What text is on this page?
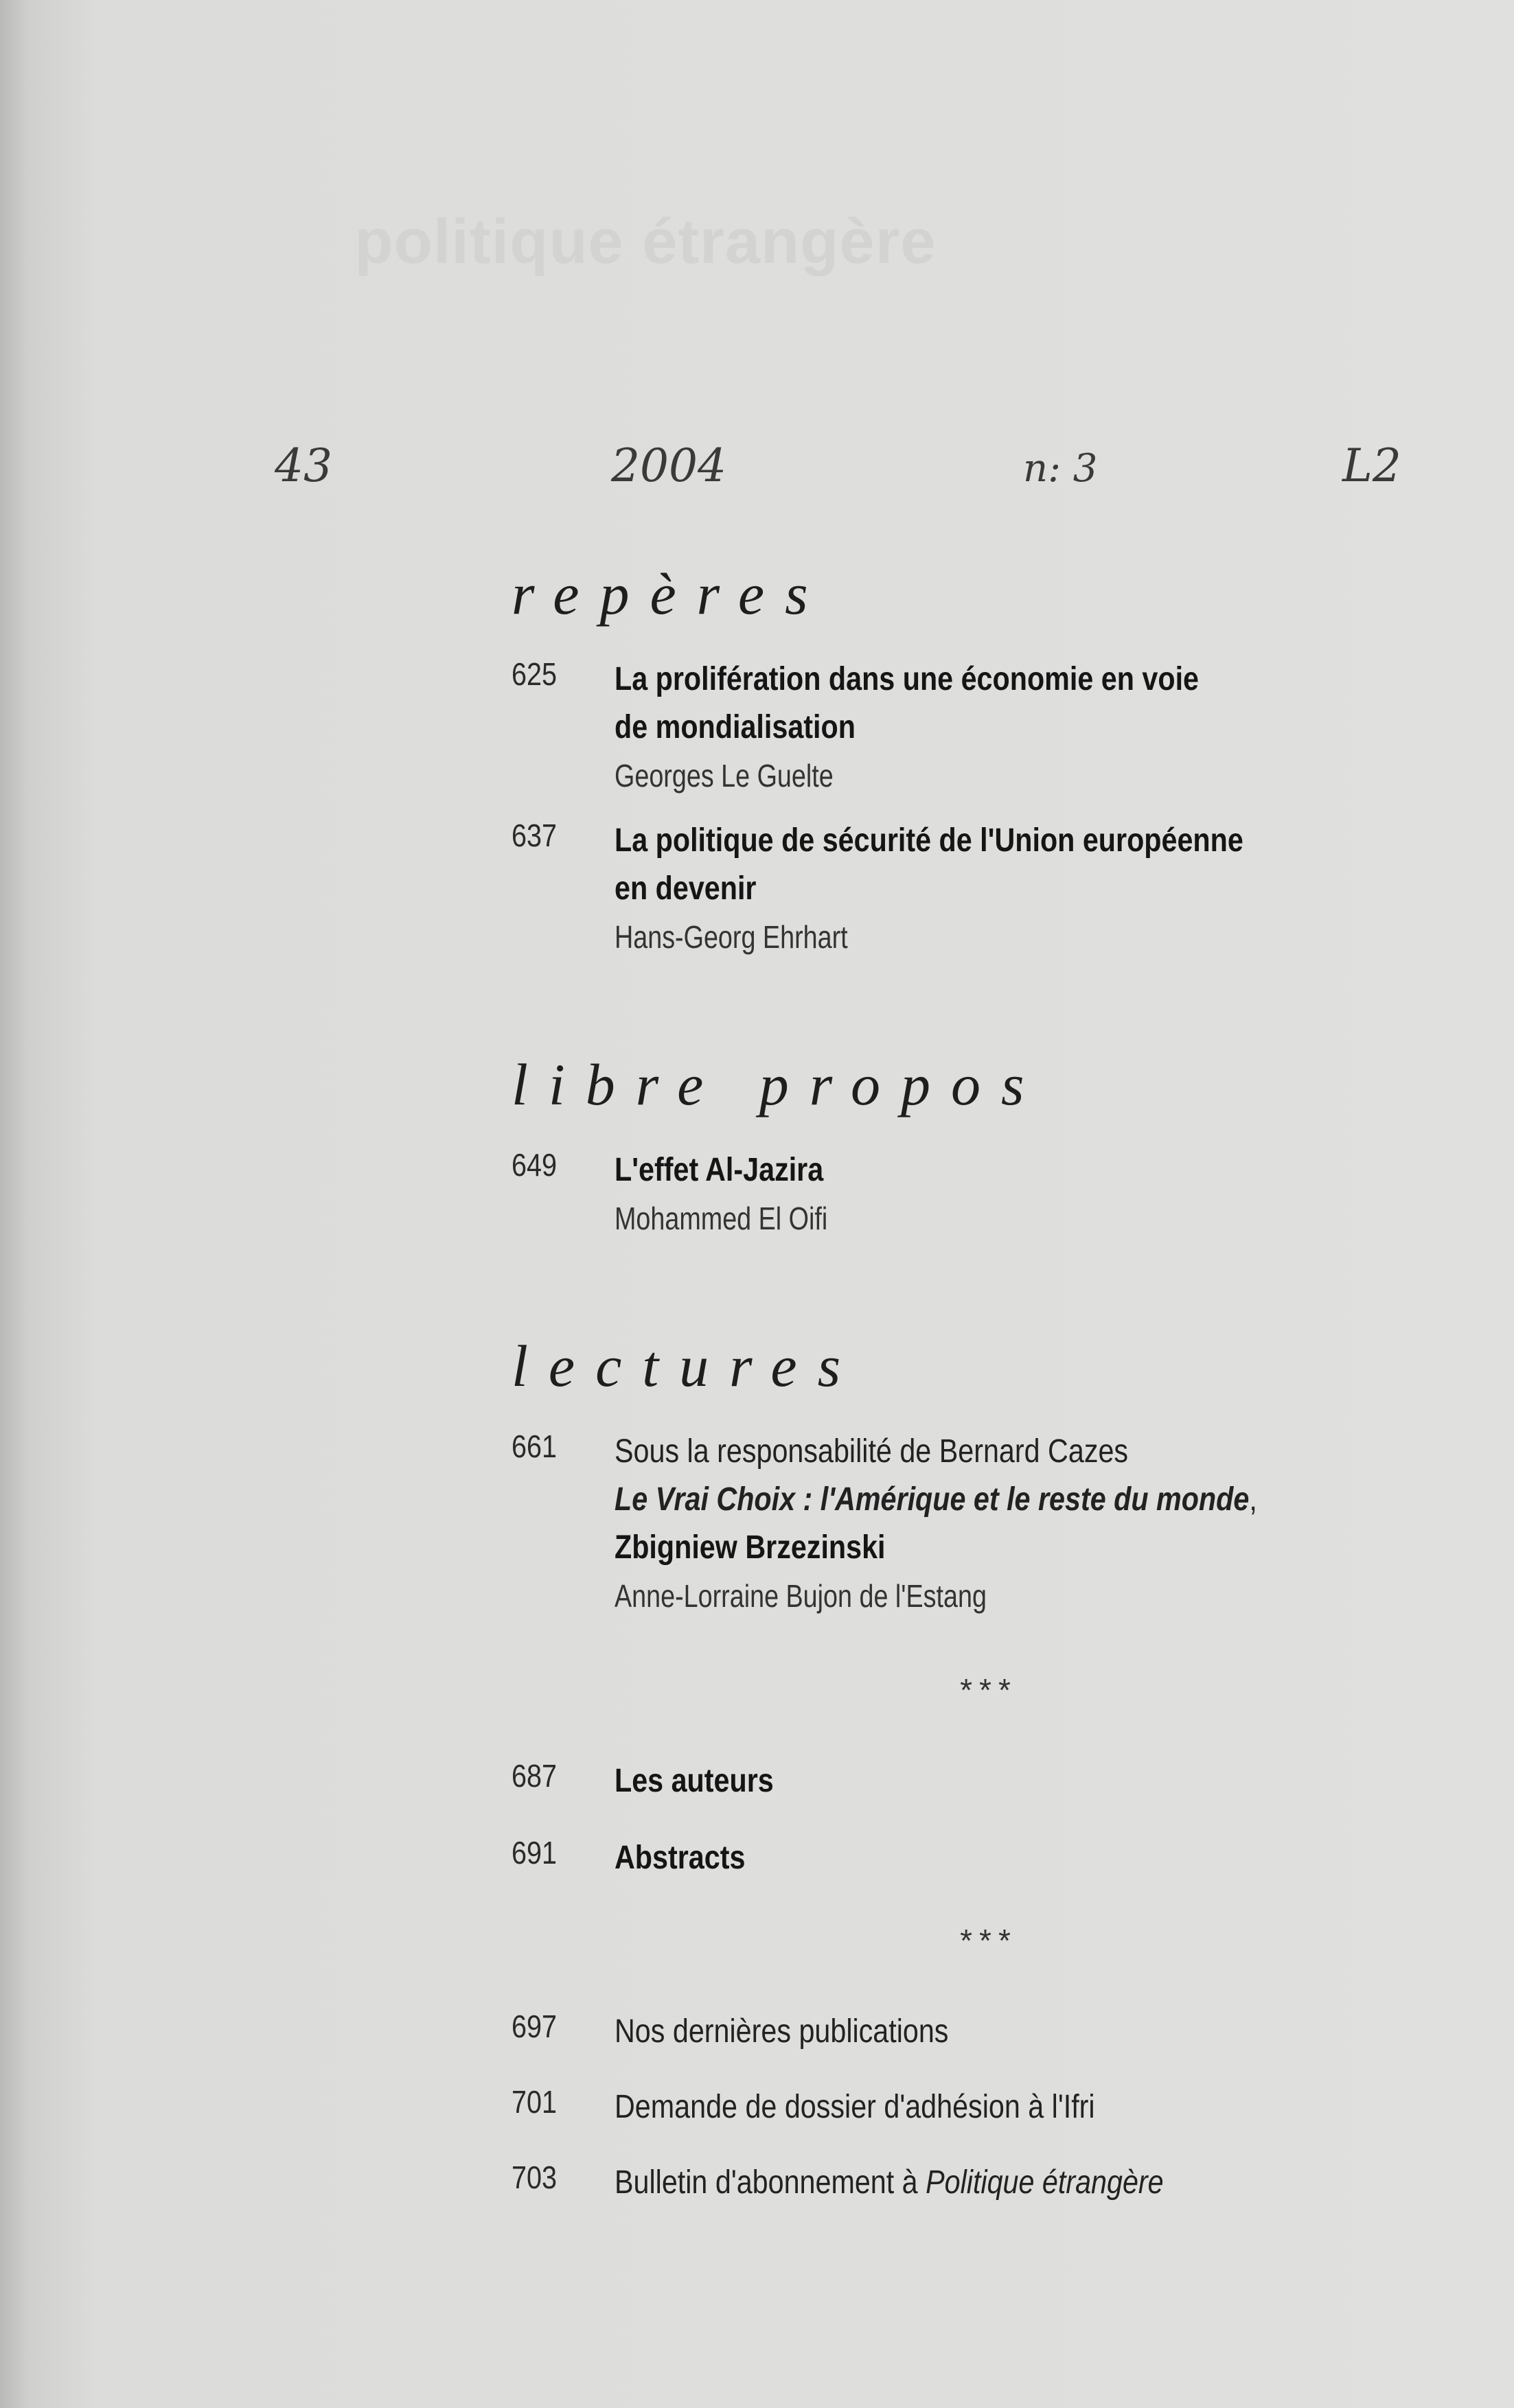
politique étrangère
43	2004	n: 3	L2
repères
625	La prolifération dans une économie en voie
de mondialisation
Georges Le Guelte
637	La politique de sécurité de l'Union européenne
en devenir
Hans-Georg Ehrhart
libre propos
649	L'effet Al-Jazira
Mohammed El Oifi
lectures
661	Sous la responsabilité de Bernard Cazes
Le Vrai Choix : l'Amérique et le reste du monde,
Zbigniew Brzezinski
Anne-Lorraine Bujon de l'Estang
***
687	Les auteurs
691	Abstracts
***
697	Nos dernières publications
701	Demande de dossier d'adhésion à l'Ifri
703	Bulletin d'abonnement à Politique étrangère
